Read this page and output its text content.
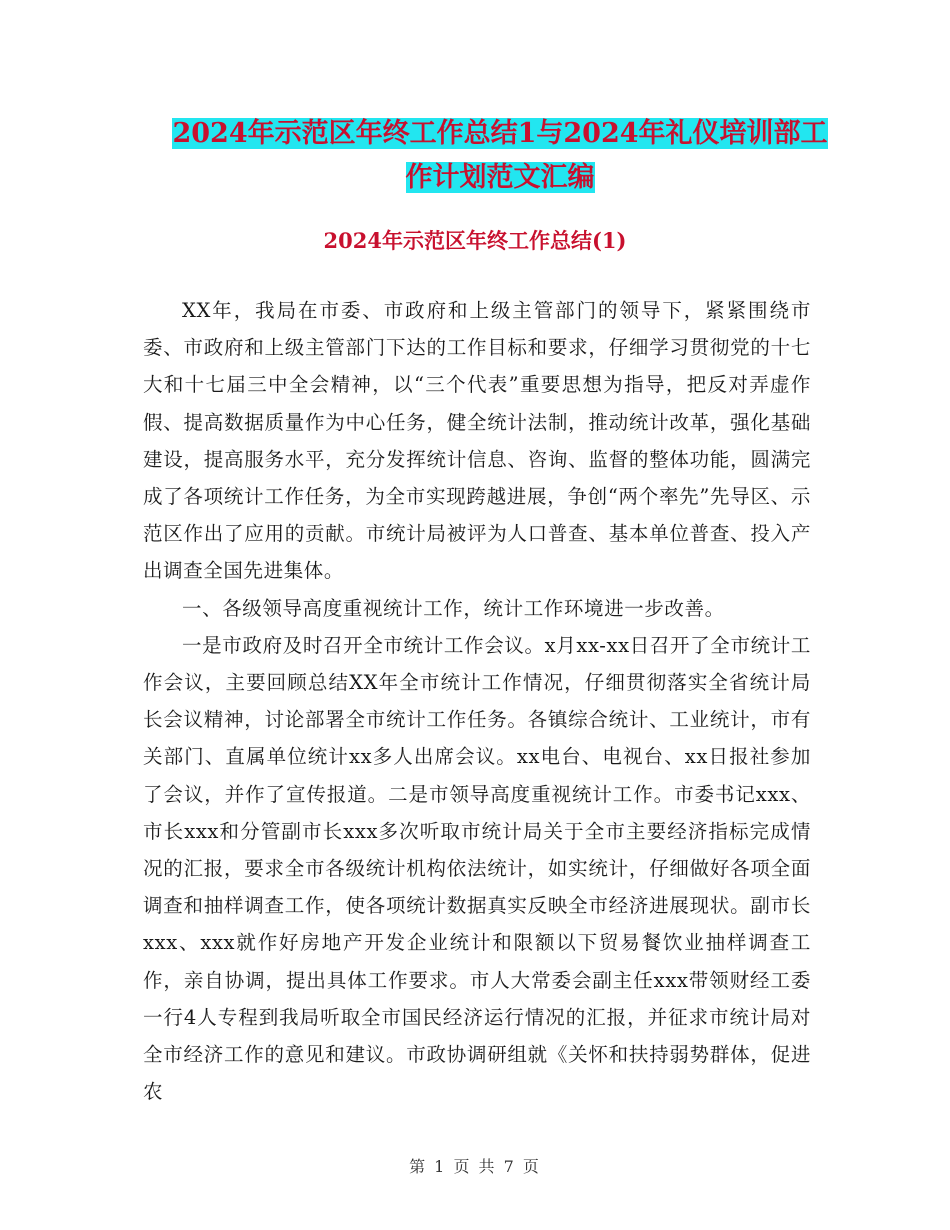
2024年示范区年终工作总结1与2024年礼仪培训部工
作计划范文汇编
2024年示范区年终工作总结(1)

XX年，我局在市委、市政府和上级主管部门的领导下，紧紧围绕市委、市政府和上级主管部门下达的工作目标和要求，仔细学习贯彻党的十七大和十七届三中全会精神，以“三个代表”重要思想为指导，把反对弄虚作假、提高数据质量作为中心任务，健全统计法制，推动统计改革，强化基础建设，提高服务水平，充分发挥统计信息、咨询、监督的整体功能，圆满完成了各项统计工作任务，为全市实现跨越进展，争创“两个率先”先导区、示范区作出了应用的贡献。市统计局被评为人口普查、基本单位普查、投入产出调查全国先进集体。

一、各级领导高度重视统计工作，统计工作环境进一步改善。

一是市政府及时召开全市统计工作会议。x月xx-xx日召开了全市统计工作会议，主要回顾总结XX年全市统计工作情况，仔细贯彻落实全省统计局长会议精神，讨论部署全市统计工作任务。各镇综合统计、工业统计，市有关部门、直属单位统计xx多人出席会议。xx电台、电视台、xx日报社参加了会议，并作了宣传报道。二是市领导高度重视统计工作。市委书记xxx、市长xxx和分管副市长xxx多次听取市统计局关于全市主要经济指标完成情况的汇报，要求全市各级统计机构依法统计，如实统计，仔细做好各项全面调查和抽样调查工作，使各项统计数据真实反映全市经济进展现状。副市长xxx、xxx就作好房地产开发企业统计和限额以下贸易餐饮业抽样调查工作，亲自协调，提出具体工作要求。市人大常委会副主任xxx带领财经工委一行4人专程到我局听取全市国民经济运行情况的汇报，并征求市统计局对全市经济工作的意见和建议。市政协调研组就《关怀和扶持弱势群体，促进农

第 1 页 共 7 页
